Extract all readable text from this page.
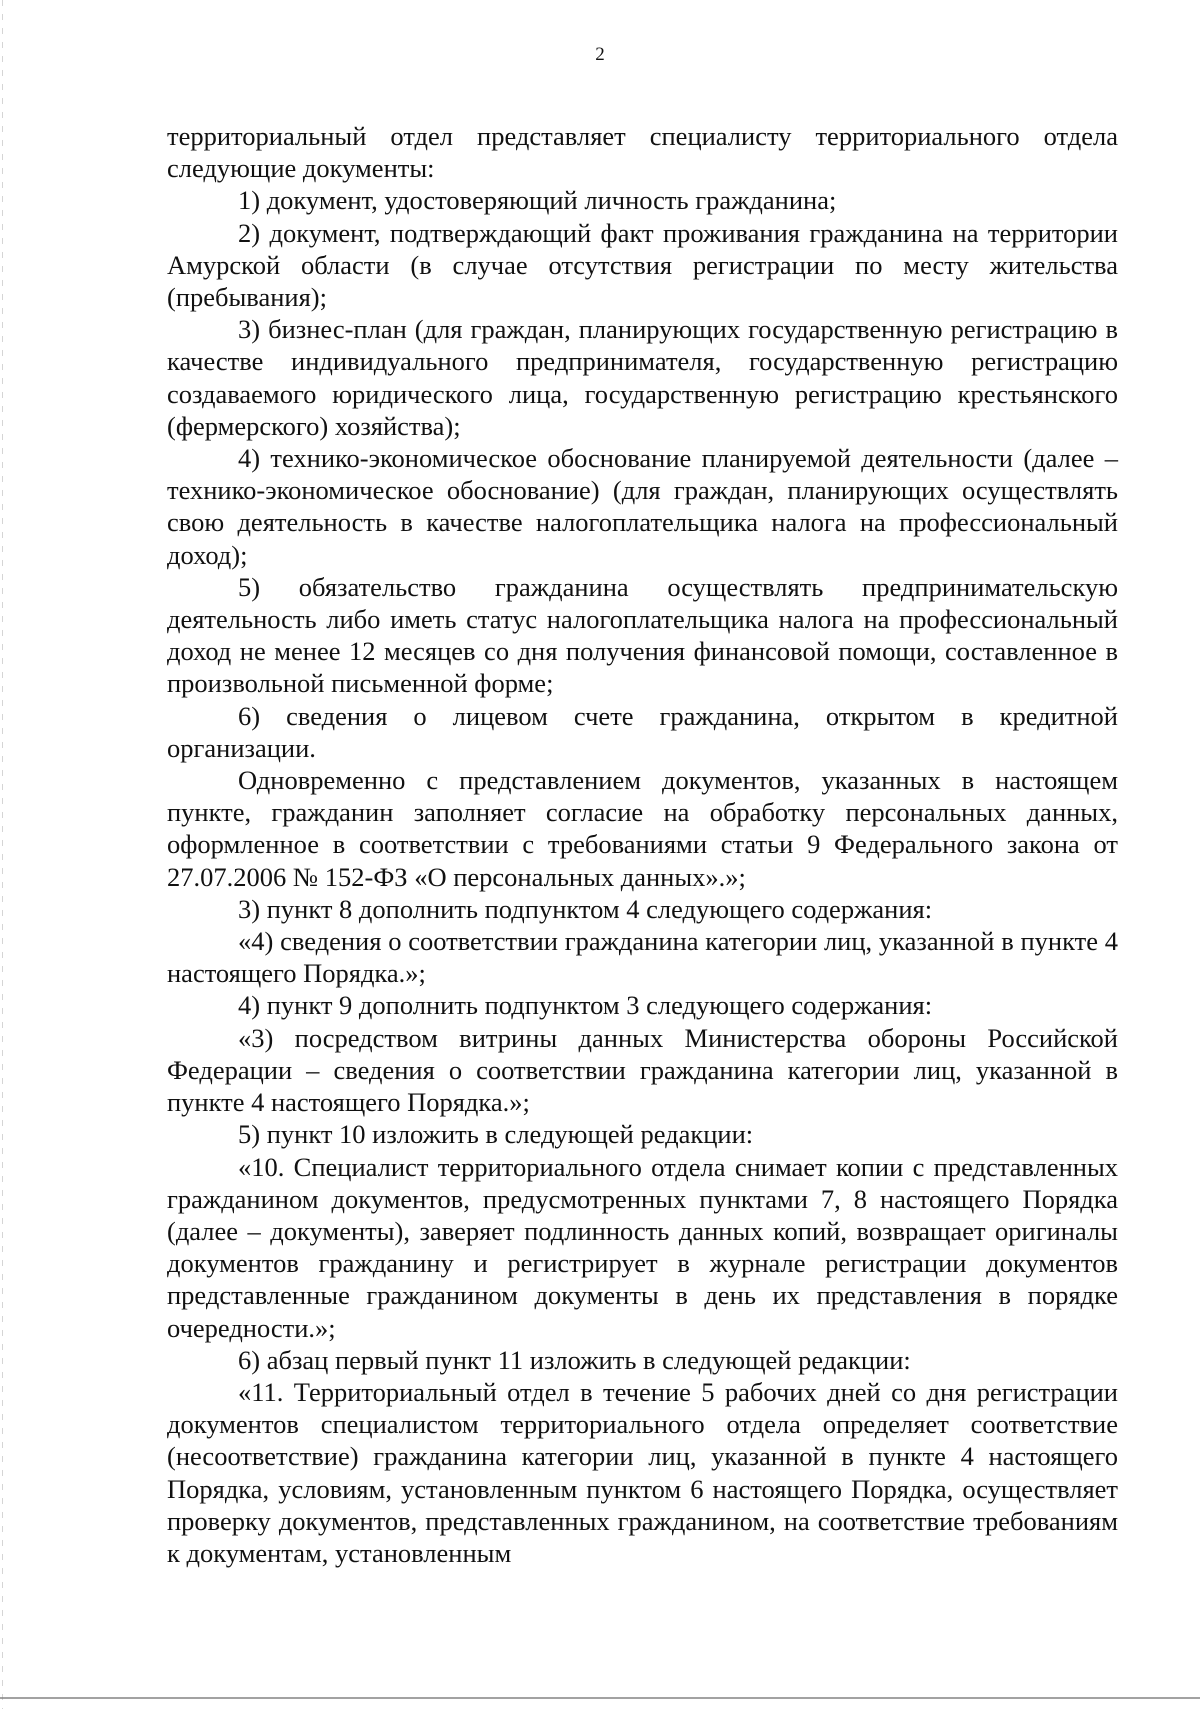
2

территориальный отдел представляет специалисту территориального отдела следующие документы:

1) документ, удостоверяющий личность гражданина;

2) документ, подтверждающий факт проживания гражданина на территории Амурской области (в случае отсутствия регистрации по месту жительства (пребывания);

3) бизнес-план (для граждан, планирующих государственную регистрацию в качестве индивидуального предпринимателя, государственную регистрацию создаваемого юридического лица, государственную регистрацию крестьянского (фермерского) хозяйства);

4) технико-экономическое обоснование планируемой деятельности (далее – технико-экономическое обоснование) (для граждан, планирующих осуществлять свою деятельность в качестве налогоплательщика налога на профессиональный доход);

5) обязательство гражданина осуществлять предпринимательскую деятельность либо иметь статус налогоплательщика налога на профессиональный доход не менее 12 месяцев со дня получения финансовой помощи, составленное в произвольной письменной форме;

6) сведения о лицевом счете гражданина, открытом в кредитной организации.

Одновременно с представлением документов, указанных в настоящем пункте, гражданин заполняет согласие на обработку персональных данных, оформленное в соответствии с требованиями статьи 9 Федерального закона от 27.07.2006 № 152-ФЗ «О персональных данных».»;

3) пункт 8 дополнить подпунктом 4 следующего содержания:

«4) сведения о соответствии гражданина категории лиц, указанной в пункте 4 настоящего Порядка.»;

4) пункт 9 дополнить подпунктом 3 следующего содержания:

«3) посредством витрины данных Министерства обороны Российской Федерации – сведения о соответствии гражданина категории лиц, указанной в пункте 4 настоящего Порядка.»;

5) пункт 10 изложить в следующей редакции:

«10. Специалист территориального отдела снимает копии с представленных гражданином документов, предусмотренных пунктами 7, 8 настоящего Порядка (далее – документы), заверяет подлинность данных копий, возвращает оригиналы документов гражданину и регистрирует в журнале регистрации документов представленные гражданином документы в день их представления в порядке очередности.»;

6) абзац первый пункт 11 изложить в следующей редакции:

«11. Территориальный отдел в течение 5 рабочих дней со дня регистрации документов специалистом территориального отдела определяет соответствие (несоответствие) гражданина категории лиц, указанной в пункте 4 настоящего Порядка, условиям, установленным пунктом 6 настоящего Порядка, осуществляет проверку документов, представленных гражданином, на соответствие требованиям к документам, установленным
